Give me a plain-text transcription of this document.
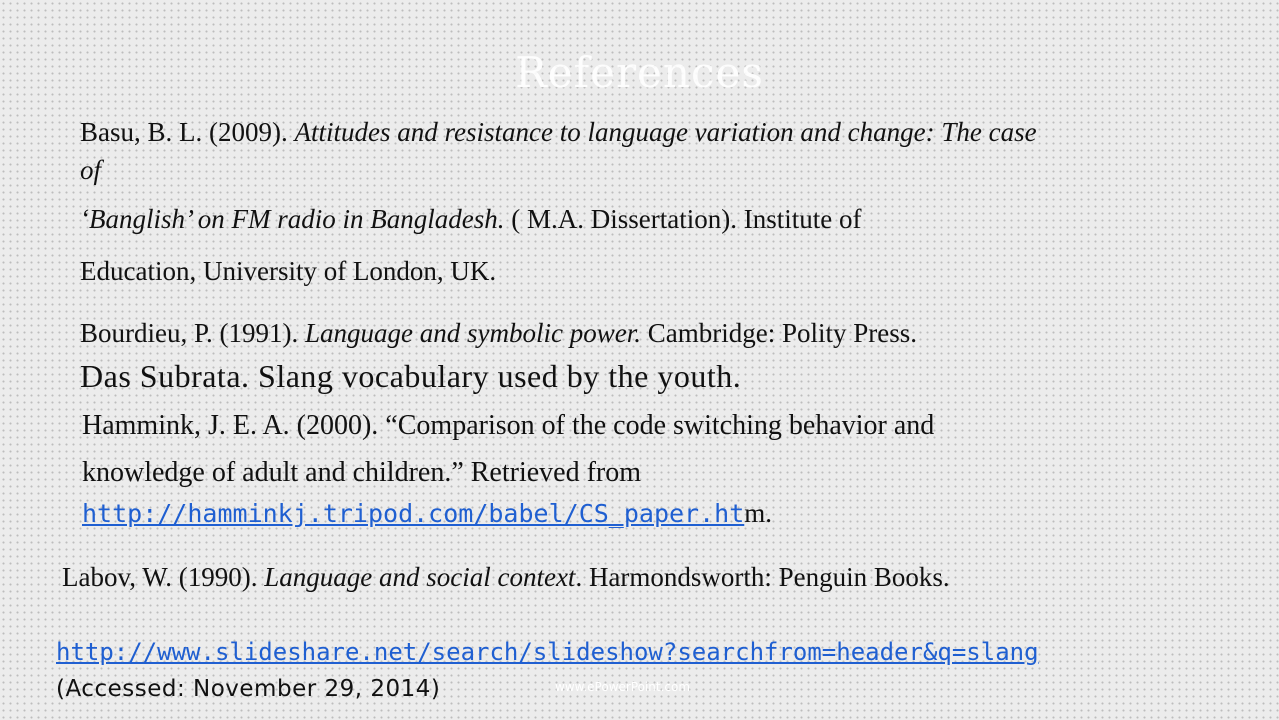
References
Basu, B. L. (2009). Attitudes and resistance to language variation and change: The case
of
‘Banglish’ on FM radio in Bangladesh. ( M.A. Dissertation). Institute of
Education, University of London, UK.
Bourdieu, P. (1991). Language and symbolic power. Cambridge: Polity Press.
Das Subrata. Slang vocabulary used by the youth.
Hammink, J. E. A. (2000). “Comparison of the code switching behavior and
knowledge of adult and children.” Retrieved from
http://hamminkj.tripod.com/babel/CS_paper.htm.
Labov, W. (1990). Language and social context. Harmondsworth: Penguin Books.
http://www.slideshare.net/search/slideshow?searchfrom=header&q=slang
(Accessed: November 29, 2014)	www.ePowerPoint.com
